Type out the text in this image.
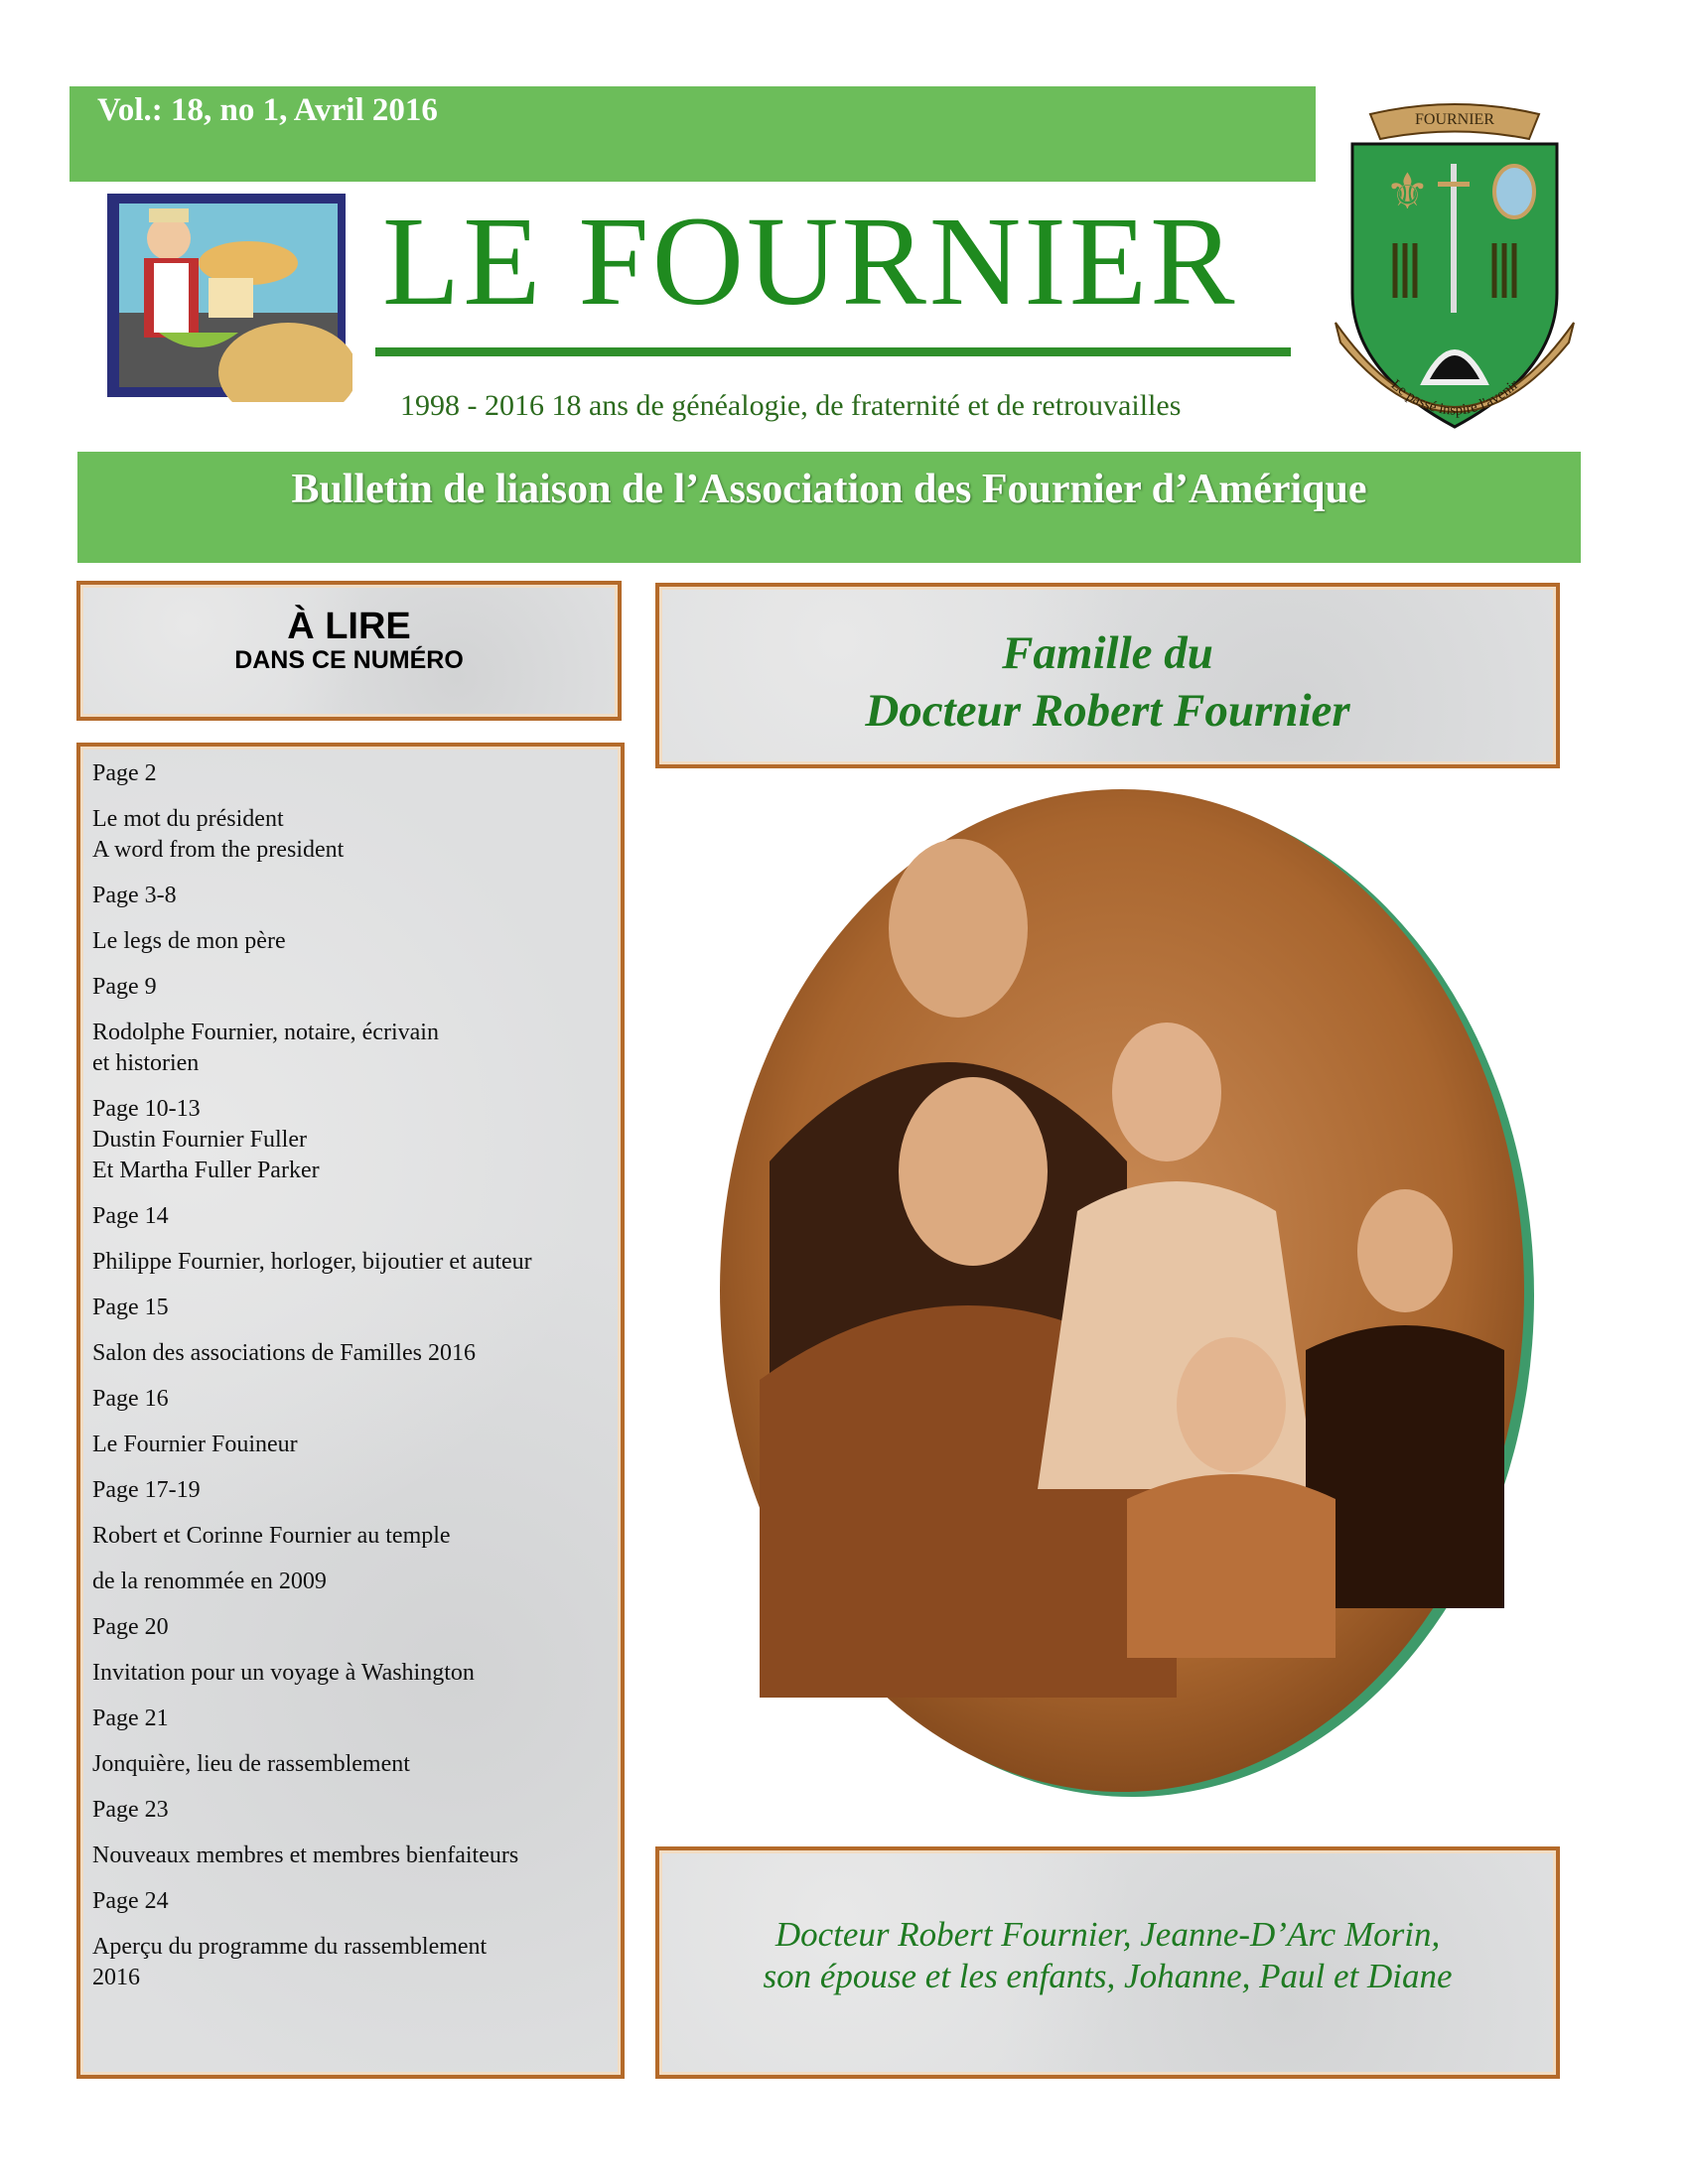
Vol.: 18, no 1, Avril 2016
LE FOURNIER
1998 - 2016 18 ans de généalogie, de fraternité et de retrouvailles
FOURNIER
⚜
Le passé inspire l'avenir
Bulletin de liaison de l’Association des Fournier d’Amérique
À LIRE
DANS CE NUMÉRO
Page 2
Le mot du président
A word from the president
Page 3-8
Le legs de mon père
Page 9
Rodolphe Fournier, notaire, écrivain
et historien
Page 10-13
Dustin Fournier Fuller
Et Martha Fuller Parker
Page 14
Philippe Fournier, horloger, bijoutier et auteur
Page 15
Salon des associations de Familles 2016
Page 16
Le Fournier Fouineur
Page 17-19
Robert et Corinne Fournier au temple
de la renommée en 2009
Page 20
Invitation pour un voyage à Washington
Page 21
Jonquière, lieu de rassemblement
Page 23
Nouveaux membres et membres bienfaiteurs
Page 24
Aperçu du programme du rassemblement
2016
Famille du
Docteur Robert Fournier
Docteur Robert Fournier, Jeanne-D’Arc Morin,
son épouse et les enfants, Johanne, Paul et Diane
